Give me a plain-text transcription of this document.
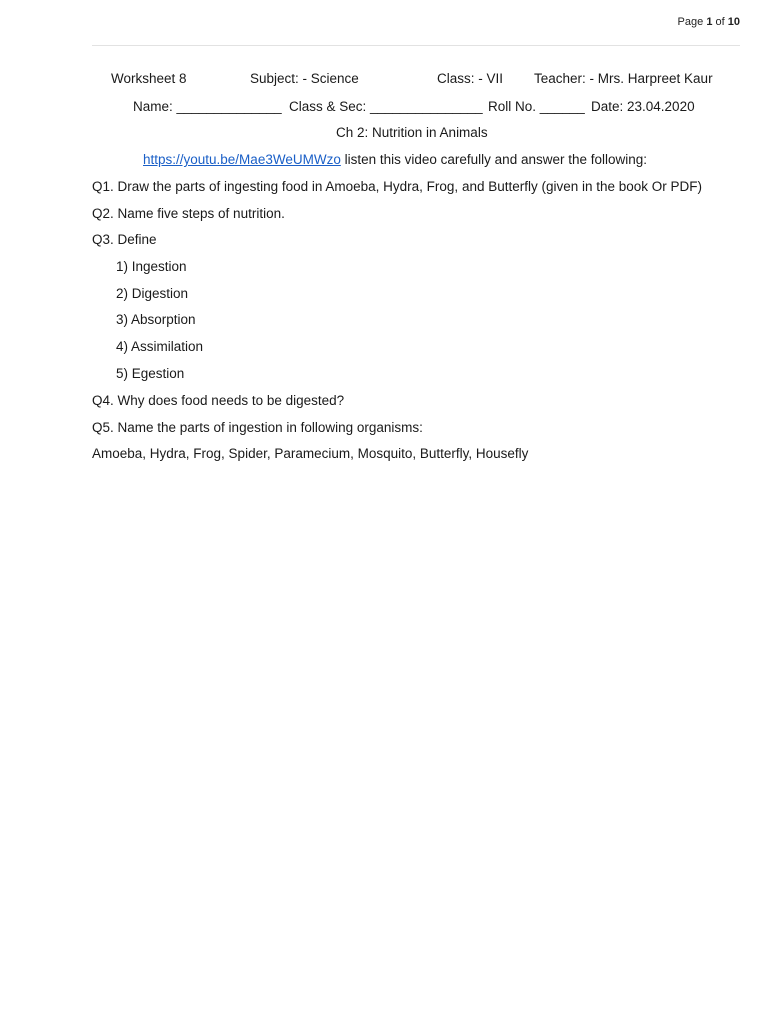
Page 1 of 10
Worksheet 8	Subject: - Science	Class: - VII Teacher: - Mrs. Harpreet Kaur
Name: ______________ Class & Sec: _______________ Roll No. ______ Date: 23.04.2020
Ch 2: Nutrition in Animals
https://youtu.be/Mae3WeUMWzo listen this video carefully and answer the following:
Q1. Draw the parts of ingesting food in Amoeba, Hydra, Frog, and Butterfly (given in the book Or PDF)
Q2. Name five steps of nutrition.
Q3. Define
1) Ingestion
2) Digestion
3) Absorption
4) Assimilation
5) Egestion
Q4. Why does food needs to be digested?
Q5. Name the parts of ingestion in following organisms:
Amoeba, Hydra, Frog, Spider, Paramecium, Mosquito, Butterfly, Housefly
